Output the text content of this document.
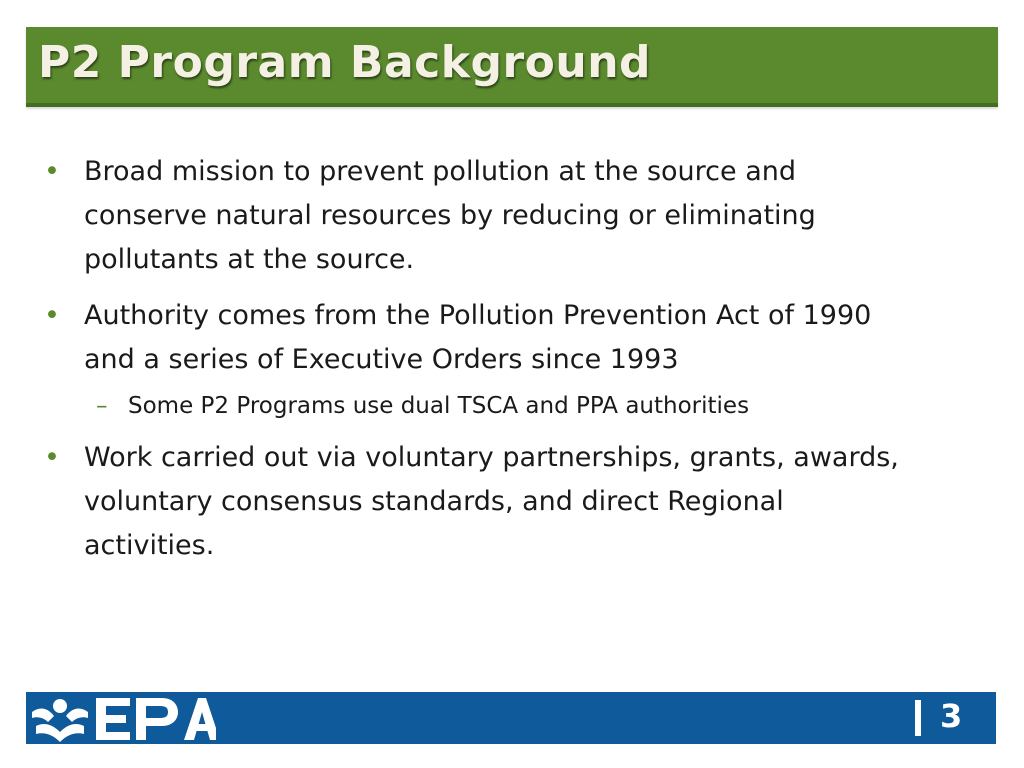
P2 Program Background
• Broad mission to prevent pollution at the source and conserve natural resources by reducing or eliminating pollutants at the source.
• Authority comes from the Pollution Prevention Act of 1990 and a series of Executive Orders since 1993
– Some P2 Programs use dual TSCA and PPA authorities
• Work carried out via voluntary partnerships, grants, awards, voluntary consensus standards, and direct Regional activities.
3
